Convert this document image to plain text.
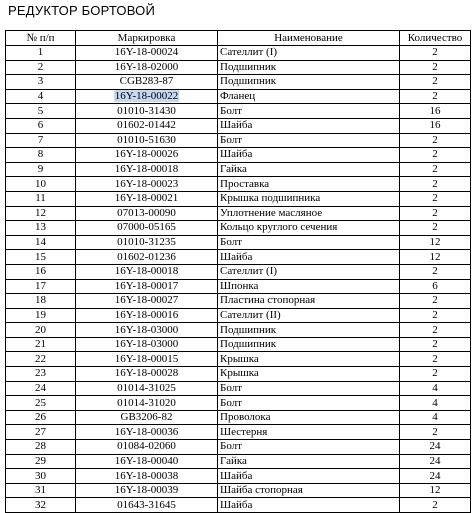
РЕДУКТОР БОРТОВОЙ
№ п/п	Маркировка	Наименование	Количество
1	16Y-18-00024	Сателлит (I)	2
2	16Y-18-02000	Подшипник	2
3	CGB283-87	Подшипник	2
4	16Y-18-00022	Фланец	2
5	01010-31430	Болт	16
6	01602-01442	Шайба	16
7	01010-51630	Болт	2
8	16Y-18-00026	Шайба	2
9	16Y-18-00018	Гайка	2
10	16Y-18-00023	Проставка	2
11	16Y-18-00021	Крышка подшипника	2
12	07013-00090	Уплотнение масляное	2
13	07000-05165	Кольцо круглого сечения	2
14	01010-31235	Болт	12
15	01602-01236	Шайба	12
16	16Y-18-00018	Сателлит (I)	2
17	16Y-18-00017	Шпонка	6
18	16Y-18-00027	Пластина стопорная	2
19	16Y-18-00016	Сателлит (II)	2
20	16Y-18-03000	Подшипник	2
21	16Y-18-03000	Подшипник	2
22	16Y-18-00015	Крышка	2
23	16Y-18-00028	Крышка	2
24	01014-31025	Болт	4
25	01014-31020	Болт	4
26	GB3206-82	Проволока	4
27	16Y-18-00036	Шестерня	2
28	01084-02060	Болт	24
29	16Y-18-00040	Гайка	24
30	16Y-18-00038	Шайба	24
31	16Y-18-00039	Шайба стопорная	12
32	01643-31645	Шайба	2
